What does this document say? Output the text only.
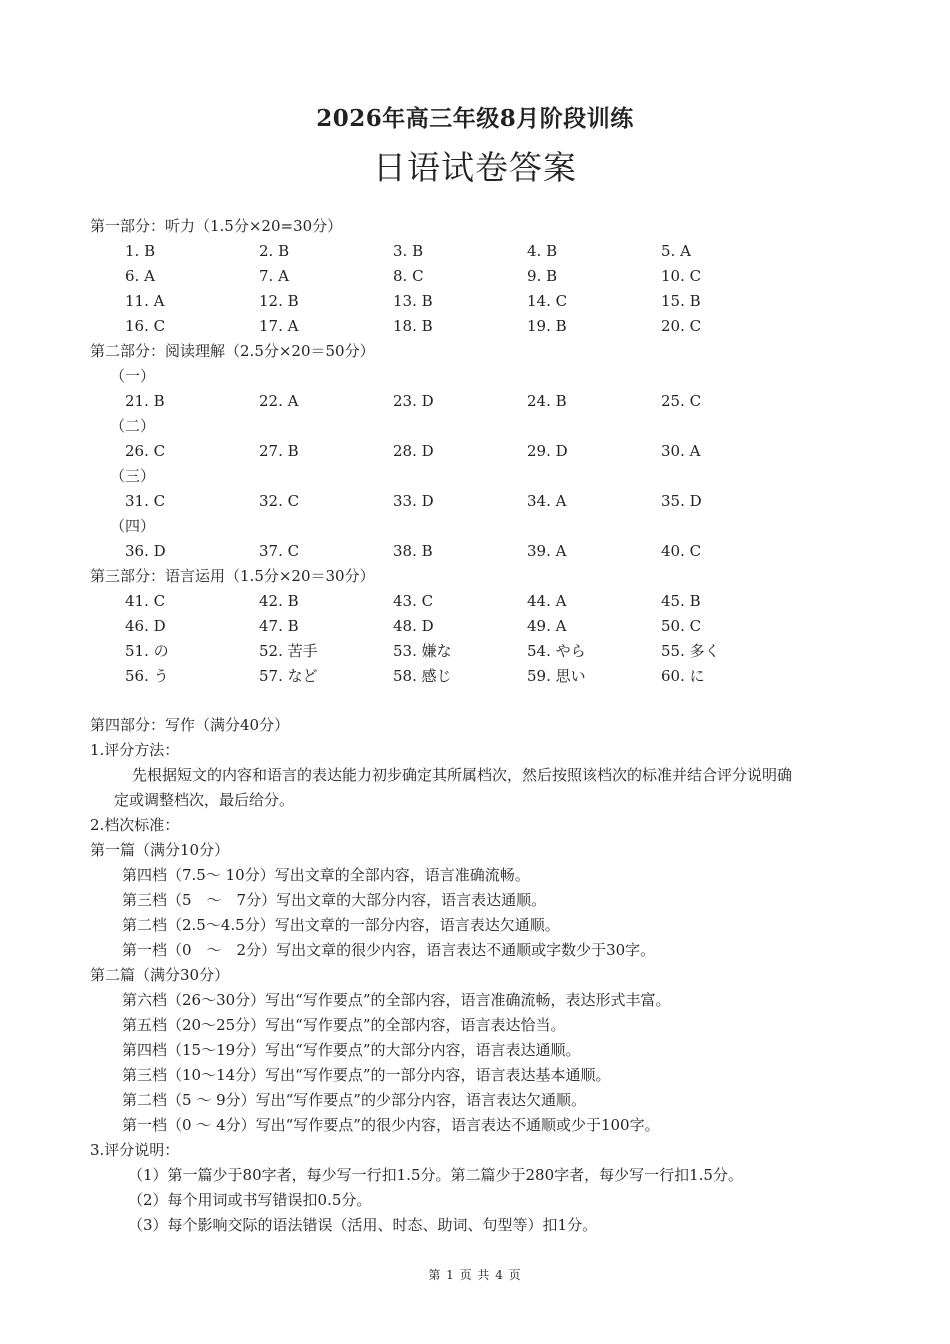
2026年高三年级8月阶段训练
日语试卷答案
第一部分：听力（1.5分×20=30分）
1. B	2. B	3. B	4. B	5. A
6. A	7. A	8. C	9. B	10. C
11. A	12. B	13. B	14. C	15. B
16. C	17. A	18. B	19. B	20. C
第二部分：阅读理解（2.5分×20＝50分）
（一）
21. B	22. A	23. D	24. B	25. C
（二）
26. C	27. B	28. D	29. D	30. A
（三）
31. C	32. C	33. D	34. A	35. D
（四）
36. D	37. C	38. B	39. A	40. C
第三部分：语言运用（1.5分×20＝30分）
41. C	42. B	43. C	44. A	45. B
46. D	47. B	48. D	49. A	50. C
51. の	52. 苦手	53. 嫌な	54. やら	55. 多く
56. う	57. など	58. 感じ	59. 思い	60. に
第四部分：写作（满分40分）
1.评分方法：
先根据短文的内容和语言的表达能力初步确定其所属档次，然后按照该档次的标准并结合评分说明确
定或调整档次，最后给分。
2.档次标准：
第一篇（满分10分）
第四档（7.5～ 10分）写出文章的全部内容，语言准确流畅。
第三档（5　～　7分）写出文章的大部分内容，语言表达通顺。
第二档（2.5～4.5分）写出文章的一部分内容，语言表达欠通顺。
第一档（0　～　2分）写出文章的很少内容，语言表达不通顺或字数少于30字。
第二篇（满分30分）
第六档（26～30分）写出“写作要点”的全部内容，语言准确流畅，表达形式丰富。
第五档（20～25分）写出“写作要点”的全部内容，语言表达恰当。
第四档（15～19分）写出“写作要点”的大部分内容，语言表达通顺。
第三档（10～14分）写出“写作要点”的一部分内容，语言表达基本通顺。
第二档（5 ～ 9分）写出“写作要点”的少部分内容，语言表达欠通顺。
第一档（0 ～ 4分）写出“写作要点”的很少内容，语言表达不通顺或少于100字。
3.评分说明：
（1）第一篇少于80字者，每少写一行扣1.5分。第二篇少于280字者，每少写一行扣1.5分。
（2）每个用词或书写错误扣0.5分。
（3）每个影响交际的语法错误（活用、时态、助词、句型等）扣1分。
第 1 页 共 4 页
